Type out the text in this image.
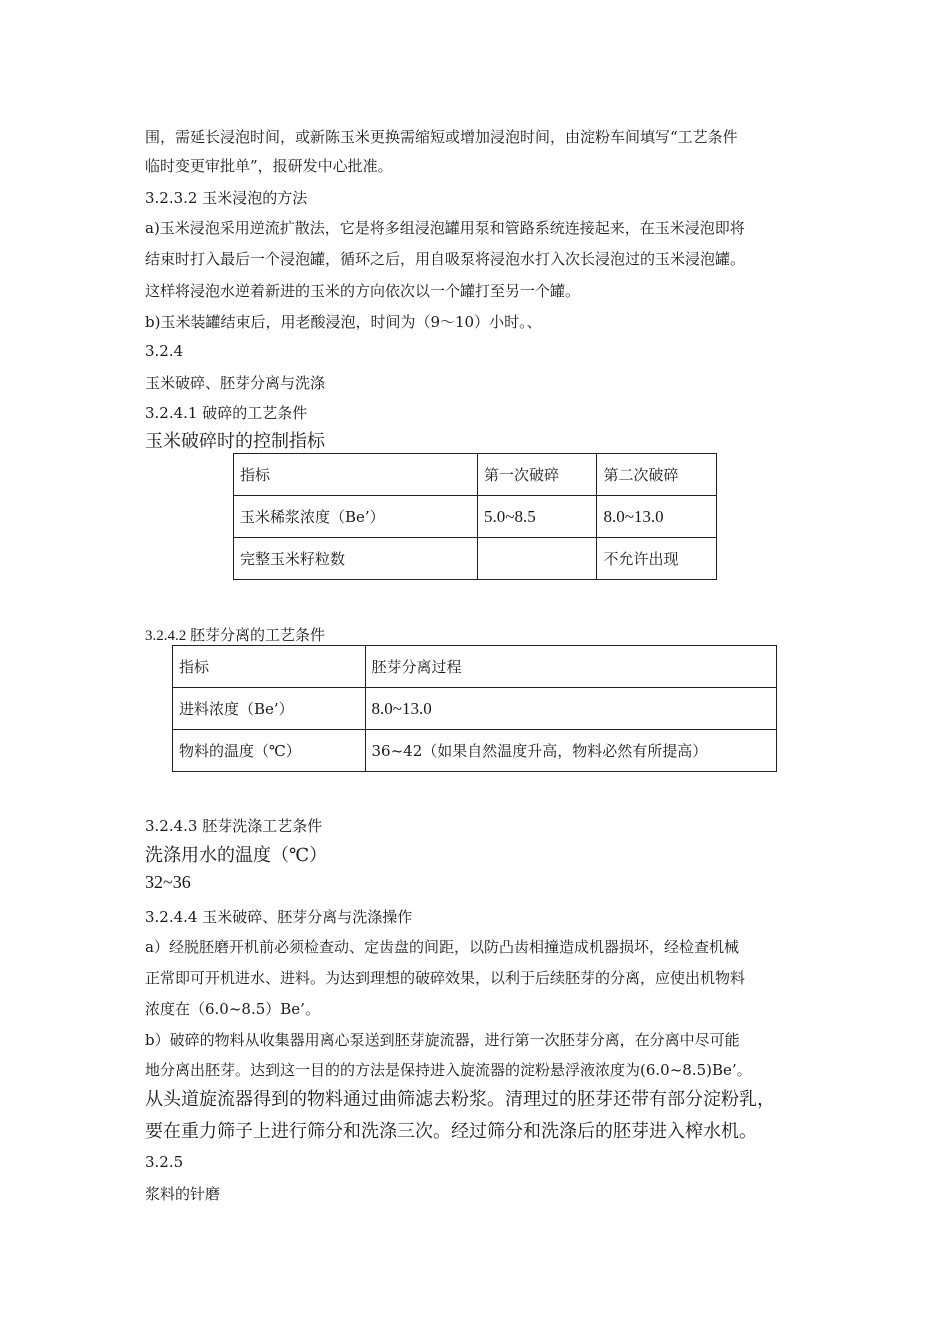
围，需延长浸泡时间，或新陈玉米更换需缩短或增加浸泡时间，由淀粉车间填写“工艺条件
临时变更审批单”，报研发中心批准。
3.2.3.2 玉米浸泡的方法
a)玉米浸泡采用逆流扩散法，它是将多组浸泡罐用泵和管路系统连接起来，在玉米浸泡即将
结束时打入最后一个浸泡罐，循环之后，用自吸泵将浸泡水打入次长浸泡过的玉米浸泡罐。
这样将浸泡水逆着新进的玉米的方向依次以一个罐打至另一个罐。
b)玉米装罐结束后，用老酸浸泡，时间为（9～10）小时。、
3.2.4
玉米破碎、胚芽分离与洗涤
3.2.4.1 破碎的工艺条件
玉米破碎时的控制指标
指标	第一次破碎	第二次破碎
玉米稀浆浓度（Be’）	5.0~8.5	8.0~13.0
完整玉米籽粒数		不允许出现
3.2.4.2 胚芽分离的工艺条件
指标	胚芽分离过程
进料浓度（Be’）	8.0~13.0
物料的温度（℃）	36~42（如果自然温度升高，物料必然有所提高）
3.2.4.3 胚芽洗涤工艺条件
洗涤用水的温度（℃）
32~36
3.2.4.4 玉米破碎、胚芽分离与洗涤操作
a）经脱胚磨开机前必须检查动、定齿盘的间距，以防凸齿相撞造成机器损坏，经检查机械
正常即可开机进水、进料。为达到理想的破碎效果，以利于后续胚芽的分离，应使出机物料
浓度在（6.0~8.5）Be’。
b）破碎的物料从收集器用离心泵送到胚芽旋流器，进行第一次胚芽分离，在分离中尽可能
地分离出胚芽。达到这一目的的方法是保持进入旋流器的淀粉悬浮液浓度为(6.0~8.5)Be’。
从头道旋流器得到的物料通过曲筛滤去粉浆。清理过的胚芽还带有部分淀粉乳，
要在重力筛子上进行筛分和洗涤三次。经过筛分和洗涤后的胚芽进入榨水机。
3.2.5
浆料的针磨
